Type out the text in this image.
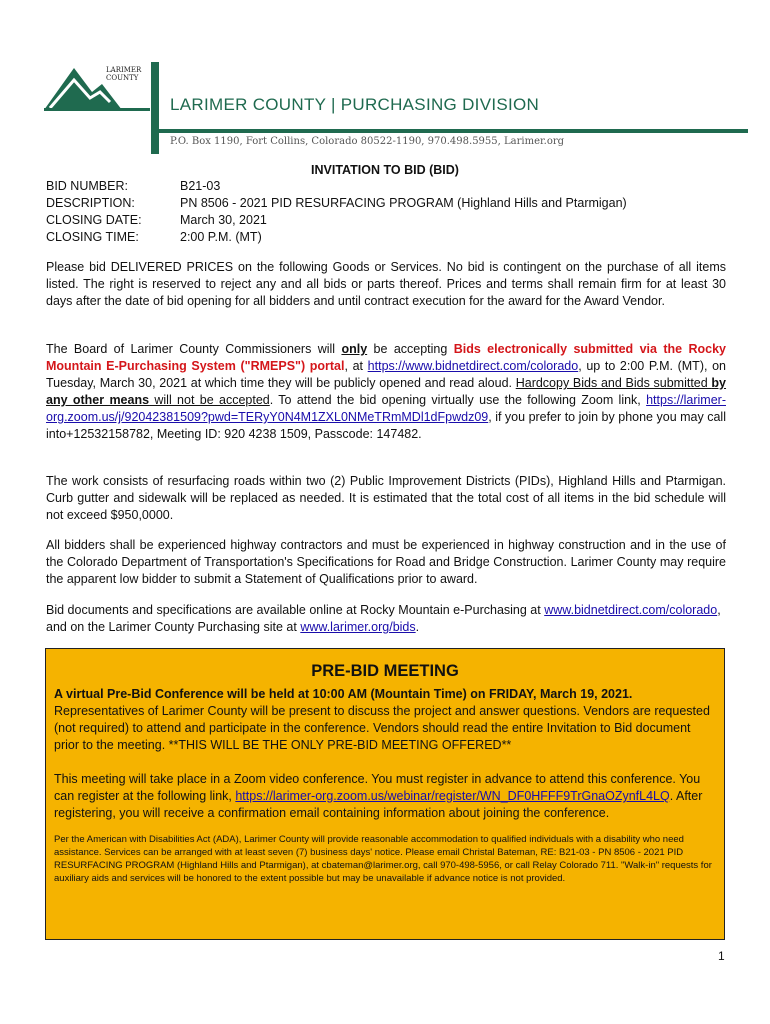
LARIMER
COUNTY
LARIMER COUNTY | PURCHASING DIVISION
P.O. Box 1190, Fort Collins, Colorado 80522-1190, 970.498.5955, Larimer.org
INVITATION TO BID (BID)
BID NUMBER:	B21-03
DESCRIPTION:	PN 8506 - 2021 PID RESURFACING PROGRAM (Highland Hills and Ptarmigan)
CLOSING DATE:	March 30, 2021
CLOSING TIME:	2:00 P.M. (MT)

Please bid DELIVERED PRICES on the following Goods or Services. No bid is contingent on the purchase of all items listed. The right is reserved to reject any and all bids or parts thereof. Prices and terms shall remain firm for at least 30 days after the date of bid opening for all bidders and until contract execution for the award for the Award Vendor.

The Board of Larimer County Commissioners will only be accepting Bids electronically submitted via the Rocky Mountain E-Purchasing System ("RMEPS") portal, at https://www.bidnetdirect.com/colorado, up to 2:00 P.M. (MT), on Tuesday, March 30, 2021 at which time they will be publicly opened and read aloud. Hardcopy Bids and Bids submitted by any other means will not be accepted. To attend the bid opening virtually use the following Zoom link, https://larimer-org.zoom.us/j/92042381509?pwd=TERyY0N4M1ZXL0NMeTRmMDl1dFpwdz09, if you prefer to join by phone you may call into+12532158782, Meeting ID: 920 4238 1509, Passcode: 147482.

The work consists of resurfacing roads within two (2) Public Improvement Districts (PIDs), Highland Hills and Ptarmigan. Curb gutter and sidewalk will be replaced as needed. It is estimated that the total cost of all items in the bid schedule will not exceed $950,0000.

All bidders shall be experienced highway contractors and must be experienced in highway construction and in the use of the Colorado Department of Transportation's Specifications for Road and Bridge Construction. Larimer County may require the apparent low bidder to submit a Statement of Qualifications prior to award.

Bid documents and specifications are available online at Rocky Mountain e-Purchasing at www.bidnetdirect.com/colorado, and on the Larimer County Purchasing site at www.larimer.org/bids.

PRE-BID MEETING

A virtual Pre-Bid Conference will be held at 10:00 AM (Mountain Time) on FRIDAY, March 19, 2021.

Representatives of Larimer County will be present to discuss the project and answer questions. Vendors are requested (not required) to attend and participate in the conference. Vendors should read the entire Invitation to Bid document prior to the meeting. **THIS WILL BE THE ONLY PRE-BID MEETING OFFERED**

This meeting will take place in a Zoom video conference. You must register in advance to attend this conference. You can register at the following link, https://larimer-org.zoom.us/webinar/register/WN_DF0HFFF9TrGnaOZynfL4LQ. After registering, you will receive a confirmation email containing information about joining the conference.

Per the American with Disabilities Act (ADA), Larimer County will provide reasonable accommodation to qualified individuals with a disability who need assistance. Services can be arranged with at least seven (7) business days' notice. Please email Christal Bateman, RE: B21-03 - PN 8506 - 2021 PID RESURFACING PROGRAM (Highland Hills and Ptarmigan), at cbateman@larimer.org, call 970-498-5956, or call Relay Colorado 711. "Walk-in" requests for auxiliary aids and services will be honored to the extent possible but may be unavailable if advance notice is not provided.

1
